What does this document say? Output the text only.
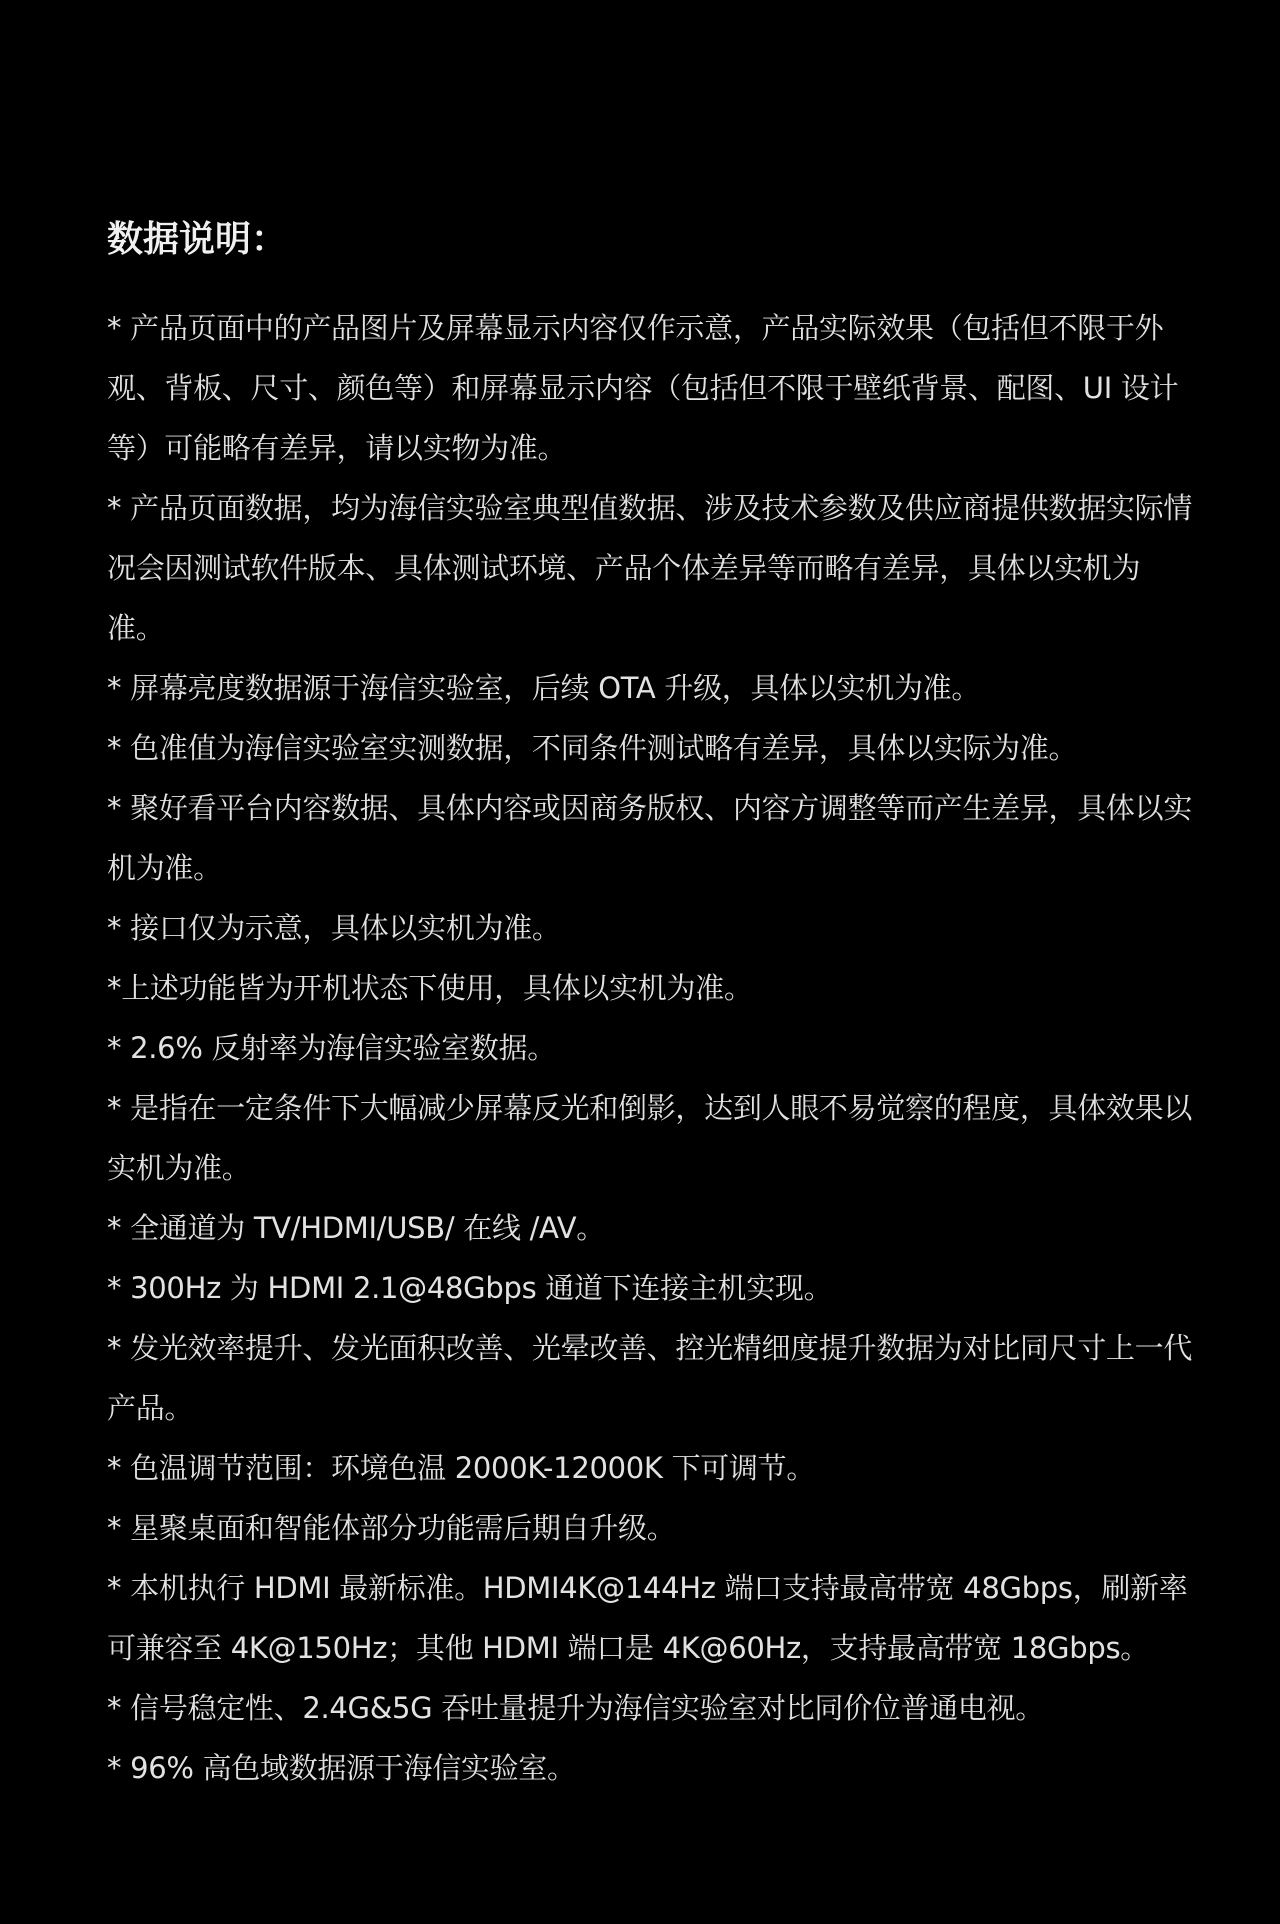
数据说明：
* 产品页面中的产品图片及屏幕显示内容仅作示意，产品实际效果（包括但不限于外观、背板、尺寸、颜色等）和屏幕显示内容（包括但不限于壁纸背景、配图、UI 设计等）可能略有差异，请以实物为准。
* 产品页面数据，均为海信实验室典型值数据、涉及技术参数及供应商提供数据实际情况会因测试软件版本、具体测试环境、产品个体差异等而略有差异，具体以实机为准。
* 屏幕亮度数据源于海信实验室，后续 OTA 升级，具体以实机为准。
* 色准值为海信实验室实测数据，不同条件测试略有差异，具体以实际为准。
* 聚好看平台内容数据、具体内容或因商务版权、内容方调整等而产生差异，具体以实机为准。
* 接口仅为示意，具体以实机为准。
*上述功能皆为开机状态下使用，具体以实机为准。
* 2.6% 反射率为海信实验室数据。
* 是指在一定条件下大幅减少屏幕反光和倒影，达到人眼不易觉察的程度，具体效果以实机为准。
* 全通道为 TV/HDMI/USB/ 在线 /AV。
* 300Hz 为 HDMI 2.1@48Gbps 通道下连接主机实现。
* 发光效率提升、发光面积改善、光晕改善、控光精细度提升数据为对比同尺寸上一代产品。
* 色温调节范围：环境色温 2000K-12000K 下可调节。
* 星聚桌面和智能体部分功能需后期自升级。
* 本机执行 HDMI 最新标准。HDMI4K@144Hz 端口支持最高带宽 48Gbps，刷新率可兼容至 4K@150Hz；其他 HDMI 端口是 4K@60Hz，支持最高带宽 18Gbps。
* 信号稳定性、2.4G&5G 吞吐量提升为海信实验室对比同价位普通电视。
* 96% 高色域数据源于海信实验室。
